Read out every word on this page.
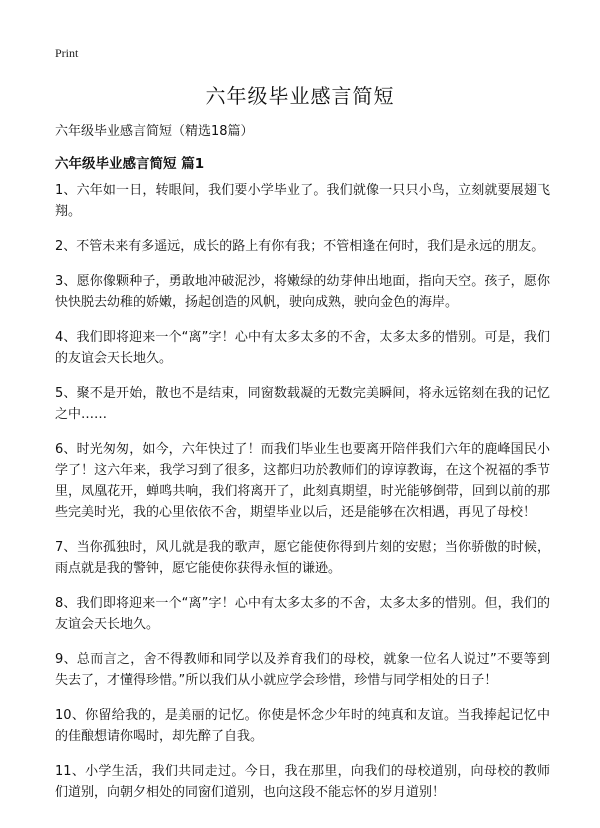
Print
六年级毕业感言简短

六年级毕业感言简短（精选18篇）

六年级毕业感言简短 篇1
1、六年如一日，转眼间，我们要小学毕业了。我们就像一只只小鸟，立刻就要展翅飞翔。
2、不管未来有多遥远，成长的路上有你有我；不管相逢在何时，我们是永远的朋友。
3、愿你像颗种子，勇敢地冲破泥沙，将嫩绿的幼芽伸出地面，指向天空。孩子，愿你快快脱去幼稚的娇嫩，扬起创造的风帆，驶向成熟，驶向金色的海岸。
4、我们即将迎来一个“离”字！心中有太多太多的不舍，太多太多的惜别。可是，我们的友谊会天长地久。
5、聚不是开始，散也不是结束，同窗数载凝的无数完美瞬间，将永远铭刻在我的记忆之中……
6、时光匆匆，如今，六年快过了！而我们毕业生也要离开陪伴我们六年的鹿峰国民小学了！这六年来，我学习到了很多，这都归功於教师们的谆谆教诲，在这个祝福的季节里，凤凰花开，蝉鸣共响，我们将离开了，此刻真期望，时光能够倒带，回到以前的那些完美时光，我的心里依依不舍，期望毕业以后，还是能够在次相遇，再见了母校！
7、当你孤独时，风儿就是我的歌声，愿它能使你得到片刻的安慰；当你骄傲的时候，雨点就是我的警钟，愿它能使你获得永恒的谦逊。
8、我们即将迎来一个“离”字！心中有太多太多的不舍，太多太多的惜别。但，我们的友谊会天长地久。
9、总而言之，舍不得教师和同学以及养育我们的母校，就象一位名人说过”不要等到失去了，才懂得珍惜。”所以我们从小就应学会珍惜，珍惜与同学相处的日子！
10、你留给我的，是美丽的记忆。你使是怀念少年时的纯真和友谊。当我捧起记忆中的佳酿想请你喝时，却先醉了自我。
11、小学生活，我们共同走过。今日，我在那里，向我们的母校道别，向母校的教师们道别，向朝夕相处的同窗们道别，也向这段不能忘怀的岁月道别！
